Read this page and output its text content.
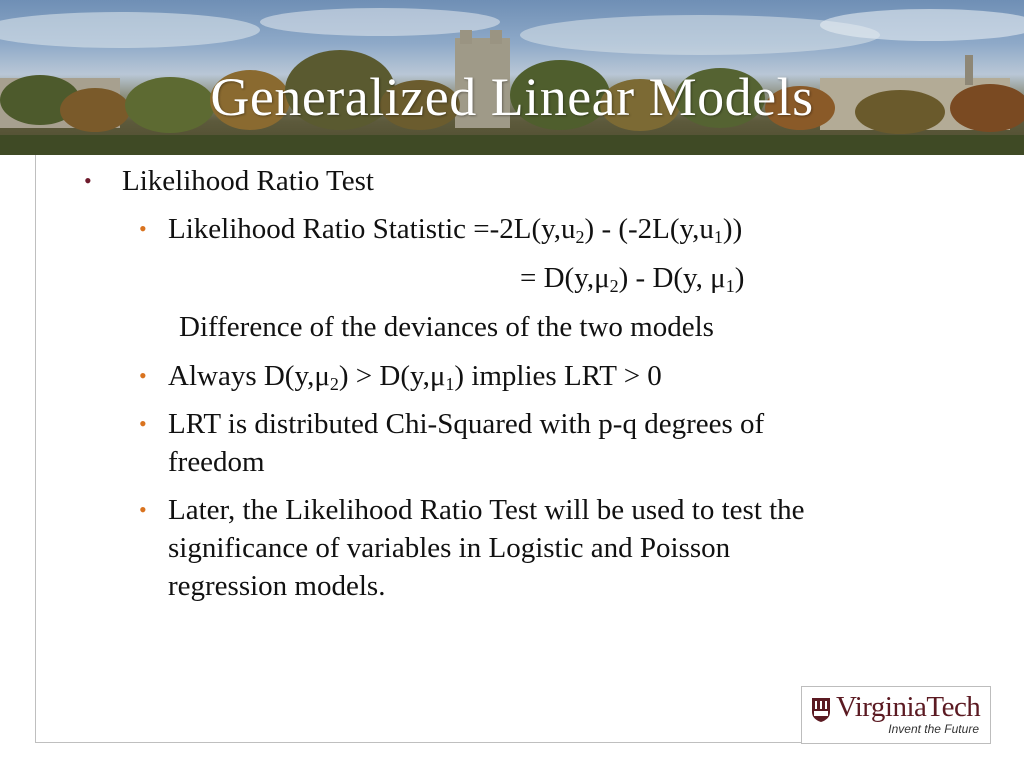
Generalized Linear Models
• Likelihood Ratio Test
• Likelihood Ratio Statistic $=-2L(y,u_2) - (-2L(y,u_1))$
= $D(y,\mu_2) - D(y$, $\mu_1$)
Difference of the deviances of the two models
• Always $D(y,\mu_2) > D(y,\mu_1)$ implies LRT > 0
• LRT is distributed Chi-Squared with p-q degrees of
freedom
• Later, the Likelihood Ratio Test will be used to test the
significance of variables in Logistic and Poisson
regression models.
VirginiaTech
Invent the Future
